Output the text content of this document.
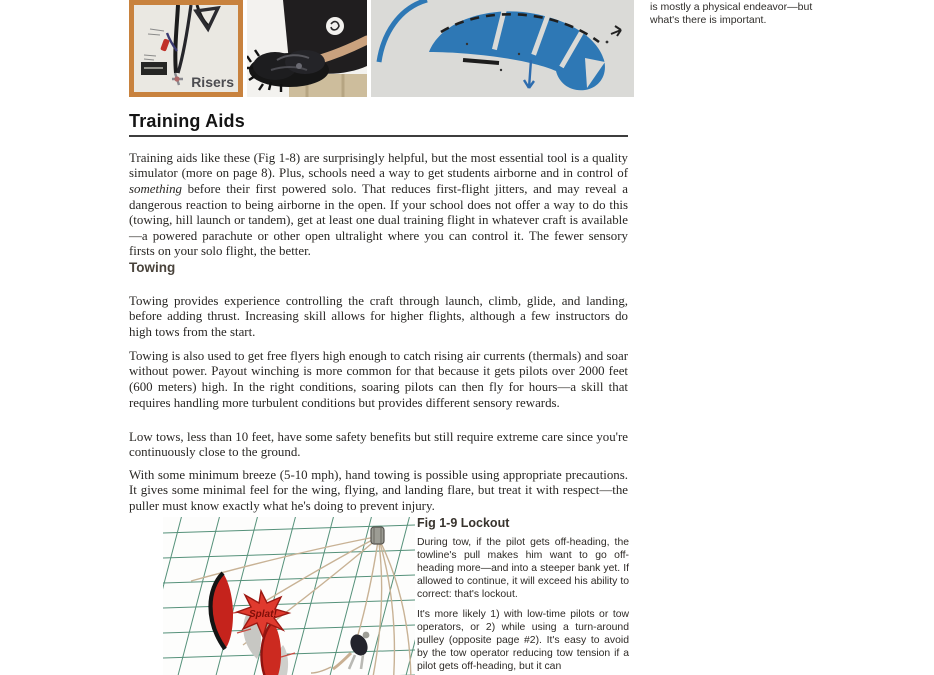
is mostly a physical endeavor—but what's there is important.
Risers
Training Aids

Training aids like these (Fig 1-8) are surprisingly helpful, but the most essential tool is a quality simulator (more on page 8). Plus, schools need a way to get students airborne and in control of something before their first powered solo. That reduces first-flight jitters, and may reveal a dangerous reaction to being airborne in the open. If your school does not offer a way to do this (towing, hill launch or tandem), get at least one dual training flight in whatever craft is available—a powered parachute or other open ultralight where you can control it. The fewer sensory firsts on your solo flight, the better.

Towing

Towing provides experience controlling the craft through launch, climb, glide, and landing, before adding thrust. Increasing skill allows for higher flights, although a few instructors do high tows from the start.

Towing is also used to get free flyers high enough to catch rising air currents (thermals) and soar without power. Payout winching is more common for that because it gets pilots over 2000 feet (600 meters) high. In the right conditions, soaring pilots can then fly for hours—a skill that requires handling more turbulent conditions but provides different sensory rewards.

Low tows, less than 10 feet, have some safety benefits but still require extreme care since you're continuously close to the ground.

With some minimum breeze (5-10 mph), hand towing is possible using appropriate precautions. It gives some minimal feel for the wing, flying, and landing flare, but treat it with respect—the puller must know exactly what he's doing to prevent injury.

Splat!

Fig 1-9 Lockout

During tow, if the pilot gets off-heading, the towline's pull makes him want to go off-heading more—and into a steeper bank yet. If allowed to continue, it will exceed his ability to correct: that's lockout.

It's more likely 1) with low-time pilots or tow operators, or 2) while using a turn-around pulley (opposite page #2). It's easy to avoid by the tow operator reducing tow tension if a pilot gets off-heading, but it can
